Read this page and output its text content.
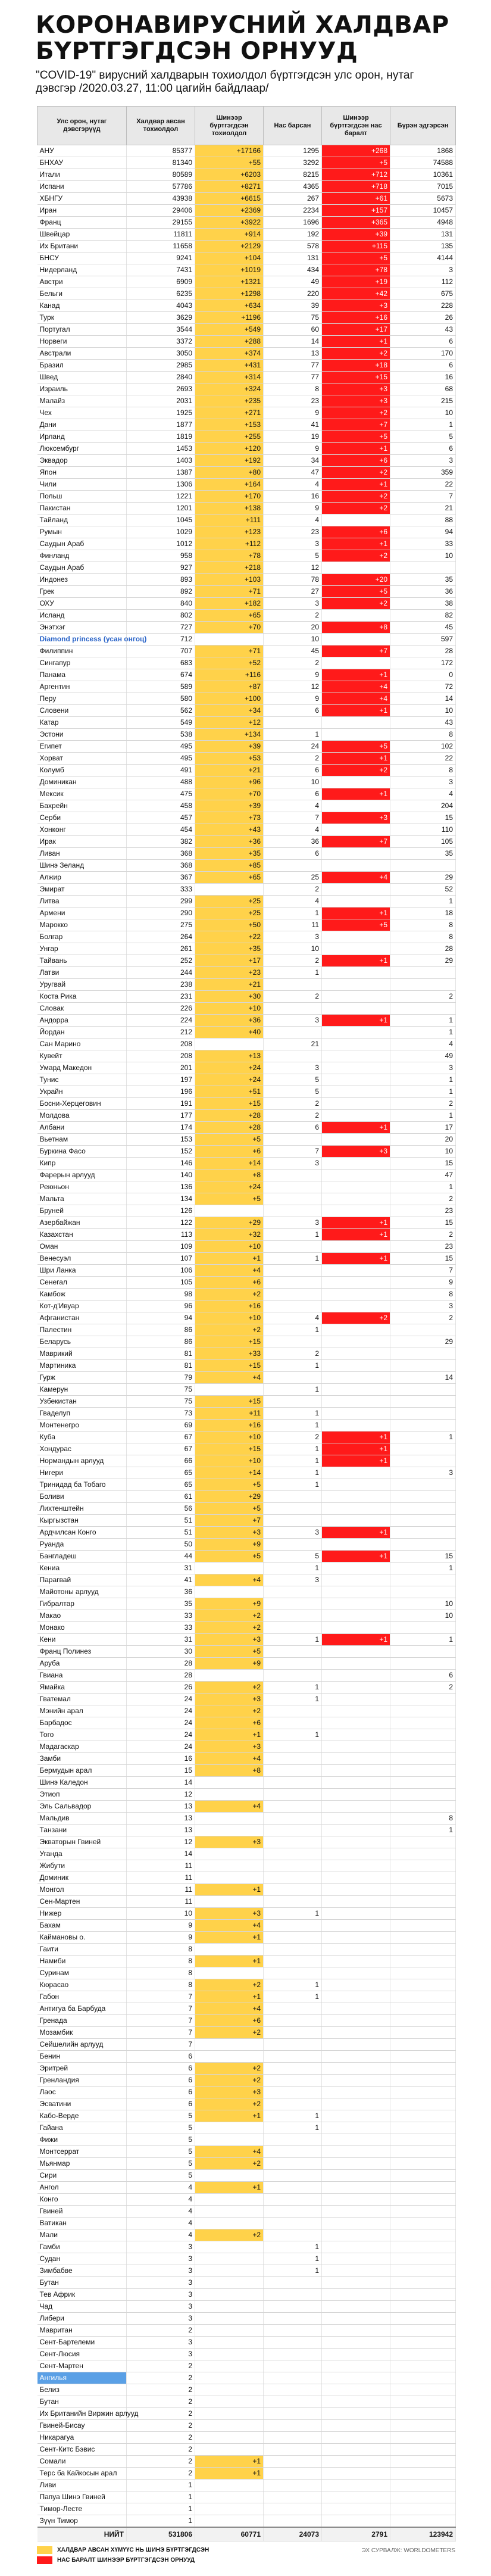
КОРОНАВИРУСНИЙ ХАЛДВАР
БҮРТГЭГДСЭН ОРНУУД
"COVID-19" вирусний халдварын тохиолдол бүртгэгдсэн улс орон, нутаг дэвсгэр /2020.03.27, 11:00 цагийн байдлаар/
Улс орон, нутаг дэвсгэрүүд	Халдвар авсан тохиолдол	Шинээр бүртгэгдсэн тохиолдол	Нас барсан	Шинээр бүртгэгдсэн нас баралт	Бүрэн эдгэрсэн
АНУ	85377	+17166	1295	+268	1868
БНХАУ	81340	+55	3292	+5	74588
Итали	80589	+6203	8215	+712	10361
Испани	57786	+8271	4365	+718	7015
ХБНГУ	43938	+6615	267	+61	5673
Иран	29406	+2369	2234	+157	10457
Франц	29155	+3922	1696	+365	4948
Швейцар	11811	+914	192	+39	131
Их Британи	11658	+2129	578	+115	135
БНСУ	9241	+104	131	+5	4144
Нидерланд	7431	+1019	434	+78	3
Австри	6909	+1321	49	+19	112
Бельги	6235	+1298	220	+42	675
Канад	4043	+634	39	+3	228
Турк	3629	+1196	75	+16	26
Португал	3544	+549	60	+17	43
Норвеги	3372	+288	14	+1	6
Австрали	3050	+374	13	+2	170
Бразил	2985	+431	77	+18	6
Швед	2840	+314	77	+15	16
Израиль	2693	+324	8	+3	68
Малайз	2031	+235	23	+3	215
Чех	1925	+271	9	+2	10
Дани	1877	+153	41	+7	1
Ирланд	1819	+255	19	+5	5
Люксембург	1453	+120	9	+1	6
Эквадор	1403	+192	34	+6	3
Япон	1387	+80	47	+2	359
Чили	1306	+164	4	+1	22
Польш	1221	+170	16	+2	7
Пакистан	1201	+138	9	+2	21
Тайланд	1045	+111	4		88
Румын	1029	+123	23	+6	94
Саудын Араб	1012	+112	3	+1	33
Финланд	958	+78	5	+2	10
Саудын Араб	927	+218	12		
Индонез	893	+103	78	+20	35
Грек	892	+71	27	+5	36
ОХУ	840	+182	3	+2	38
Исланд	802	+65	2		82
Энэтхэг	727	+70	20	+8	45
Diamond princess (усан онгоц)	712		10		597
Филиппин	707	+71	45	+7	28
Сингапур	683	+52	2		172
Панама	674	+116	9	+1	0
Аргентин	589	+87	12	+4	72
Перу	580	+100	9	+4	14
Словени	562	+34	6	+1	10
Катар	549	+12			43
Эстони	538	+134	1		8
Египет	495	+39	24	+5	102
Хорват	495	+53	2	+1	22
Колумб	491	+21	6	+2	8
Доминикан	488	+96	10		3
Мексик	475	+70	6	+1	4
Бахрейн	458	+39	4		204
Серби	457	+73	7	+3	15
Хонконг	454	+43	4		110
Ирак	382	+36	36	+7	105
Ливан	368	+35	6		35
Шинэ Зеланд	368	+85			
Алжир	367	+65	25	+4	29
Эмират	333		2		52
Литва	299	+25	4		1
Армени	290	+25	1	+1	18
Марокко	275	+50	11	+5	8
Болгар	264	+22	3		8
Унгар	261	+35	10		28
Тайвань	252	+17	2	+1	29
Латви	244	+23	1		
Уругвай	238	+21			
Коста Рика	231	+30	2		2
Словак	226	+10			
Андорра	224	+36	3	+1	1
Йордан	212	+40			1
Сан Марино	208		21		4
Кувейт	208	+13			49
Умард Македон	201	+24	3		3
Тунис	197	+24	5		1
Украйн	196	+51	5		1
Босни-Херцеговин	191	+15	2		2
Молдова	177	+28	2		1
Албани	174	+28	6	+1	17
Вьетнам	153	+5			20
Буркина Фасо	152	+6	7	+3	10
Кипр	146	+14	3		15
Фарерын арлууд	140	+8			47
Реюньон	136	+24			1
Мальта	134	+5			2
Бруней	126				23
Азербайжан	122	+29	3	+1	15
Казахстан	113	+32	1	+1	2
Оман	109	+10			23
Венесуэл	107	+1	1	+1	15
Шри Ланка	106	+4			7
Сенегал	105	+6			9
Камбож	98	+2			8
Кот-д'Ивуар	96	+16			3
Афганистан	94	+10	4	+2	2
Палестин	86	+2	1		
Беларусь	86	+15			29
Маврикий	81	+33	2		
Мартиника	81	+15	1		
Гурж	79	+4			14
Камерун	75		1		
Узбекистан	75	+15			
Гваделуп	73	+11	1		
Монтенегро	69	+16	1		
Куба	67	+10	2	+1	1
Хондурас	67	+15	1	+1	
Нормандын арлууд	66	+10	1	+1	
Нигери	65	+14	1		3
Тринидад ба Тобаго	65	+5	1		
Боливи	61	+29			
Лихтенштейн	56	+5			
Кыргызстан	51	+7			
Ардчилсан Конго	51	+3	3	+1	
Руанда	50	+9			
Бангладеш	44	+5	5	+1	15
Кениа	31		1		1
Парагвай	41	+4	3		
Майотоны арлууд	36				
Гибралтар	35	+9			10
Макао	33	+2			10
Монако	33	+2			
Кени	31	+3	1	+1	1
Франц Полинез	30	+5			
Аруба	28	+9			
Гвиана	28				6
Ямайка	26	+2	1		2
Гватемал	24	+3	1		
Мэнийн арал	24	+2			
Барбадос	24	+6			
Того	24	+1	1		
Мадагаскар	24	+3			
Замби	16	+4			
Бермудын арал	15	+8			
Шинэ Каледон	14				
Этиоп	12				
Эль Сальвадор	13	+4			
Мальдив	13				8
Танзани	13				1
Экваторын Гвиней	12	+3			
Уганда	14				
Жибути	11				
Доминик	11				
Монгол	11	+1			
Сен-Мартен	11				
Нижер	10	+3	1		
Бахам	9	+4			
Каймановы о.	9	+1			
Гаити	8				
Намиби	8	+1			
Суринам	8				
Кюрасао	8	+2	1		
Габон	7	+1	1		
Антигуа ба Барбуда	7	+4			
Гренада	7	+6			
Мозамбик	7	+2			
Сейшелийн арлууд	7				
Бенин	6				
Эритрей	6	+2			
Гренландия	6	+2			
Лаос	6	+3			
Эсватини	6	+2			
Кабо-Верде	5	+1	1		
Гайана	5		1		
Фижи	5				
Монтсеррат	5	+4			
Мьянмар	5	+2			
Сири	5				
Ангол	4	+1			
Конго	4				
Гвиней	4				
Ватикан	4				
Мали	4	+2			
Гамби	3		1		
Судан	3		1		
Зимбабве	3		1		
Бутан	3				
Тев Африк	3				
Чад	3				
Либери	3				
Мавритан	2				
Сент-Бартелеми	3				
Сент-Люсия	3				
Сент-Мартен	2				
Ангилья	2				
Белиз	2				
Бутан	2				
Их Британийн Виржин арлууд	2				
Гвиней-Бисау	2				
Никарагуа	2				
Сент-Китс Бэвис	2				
Сомали	2	+1			
Терс ба Кайкосын арал	2	+1			
Ливи	1				
Папуа Шинэ Гвиней	1				
Тимор-Лесте	1				
Зүүн Тимор	1				
НИЙТ	531806	60771	24073	2791	123942
ХАЛДВАР АВСАН ХҮМҮҮС НЬ ШИНЭ БҮРТГЭГДСЭН
НАС БАРАЛТ ШИНЭЭР БҮРТГЭГДСЭН ОРНУУД
ЭХ СУРВАЛЖ: WORLDOMETERS
